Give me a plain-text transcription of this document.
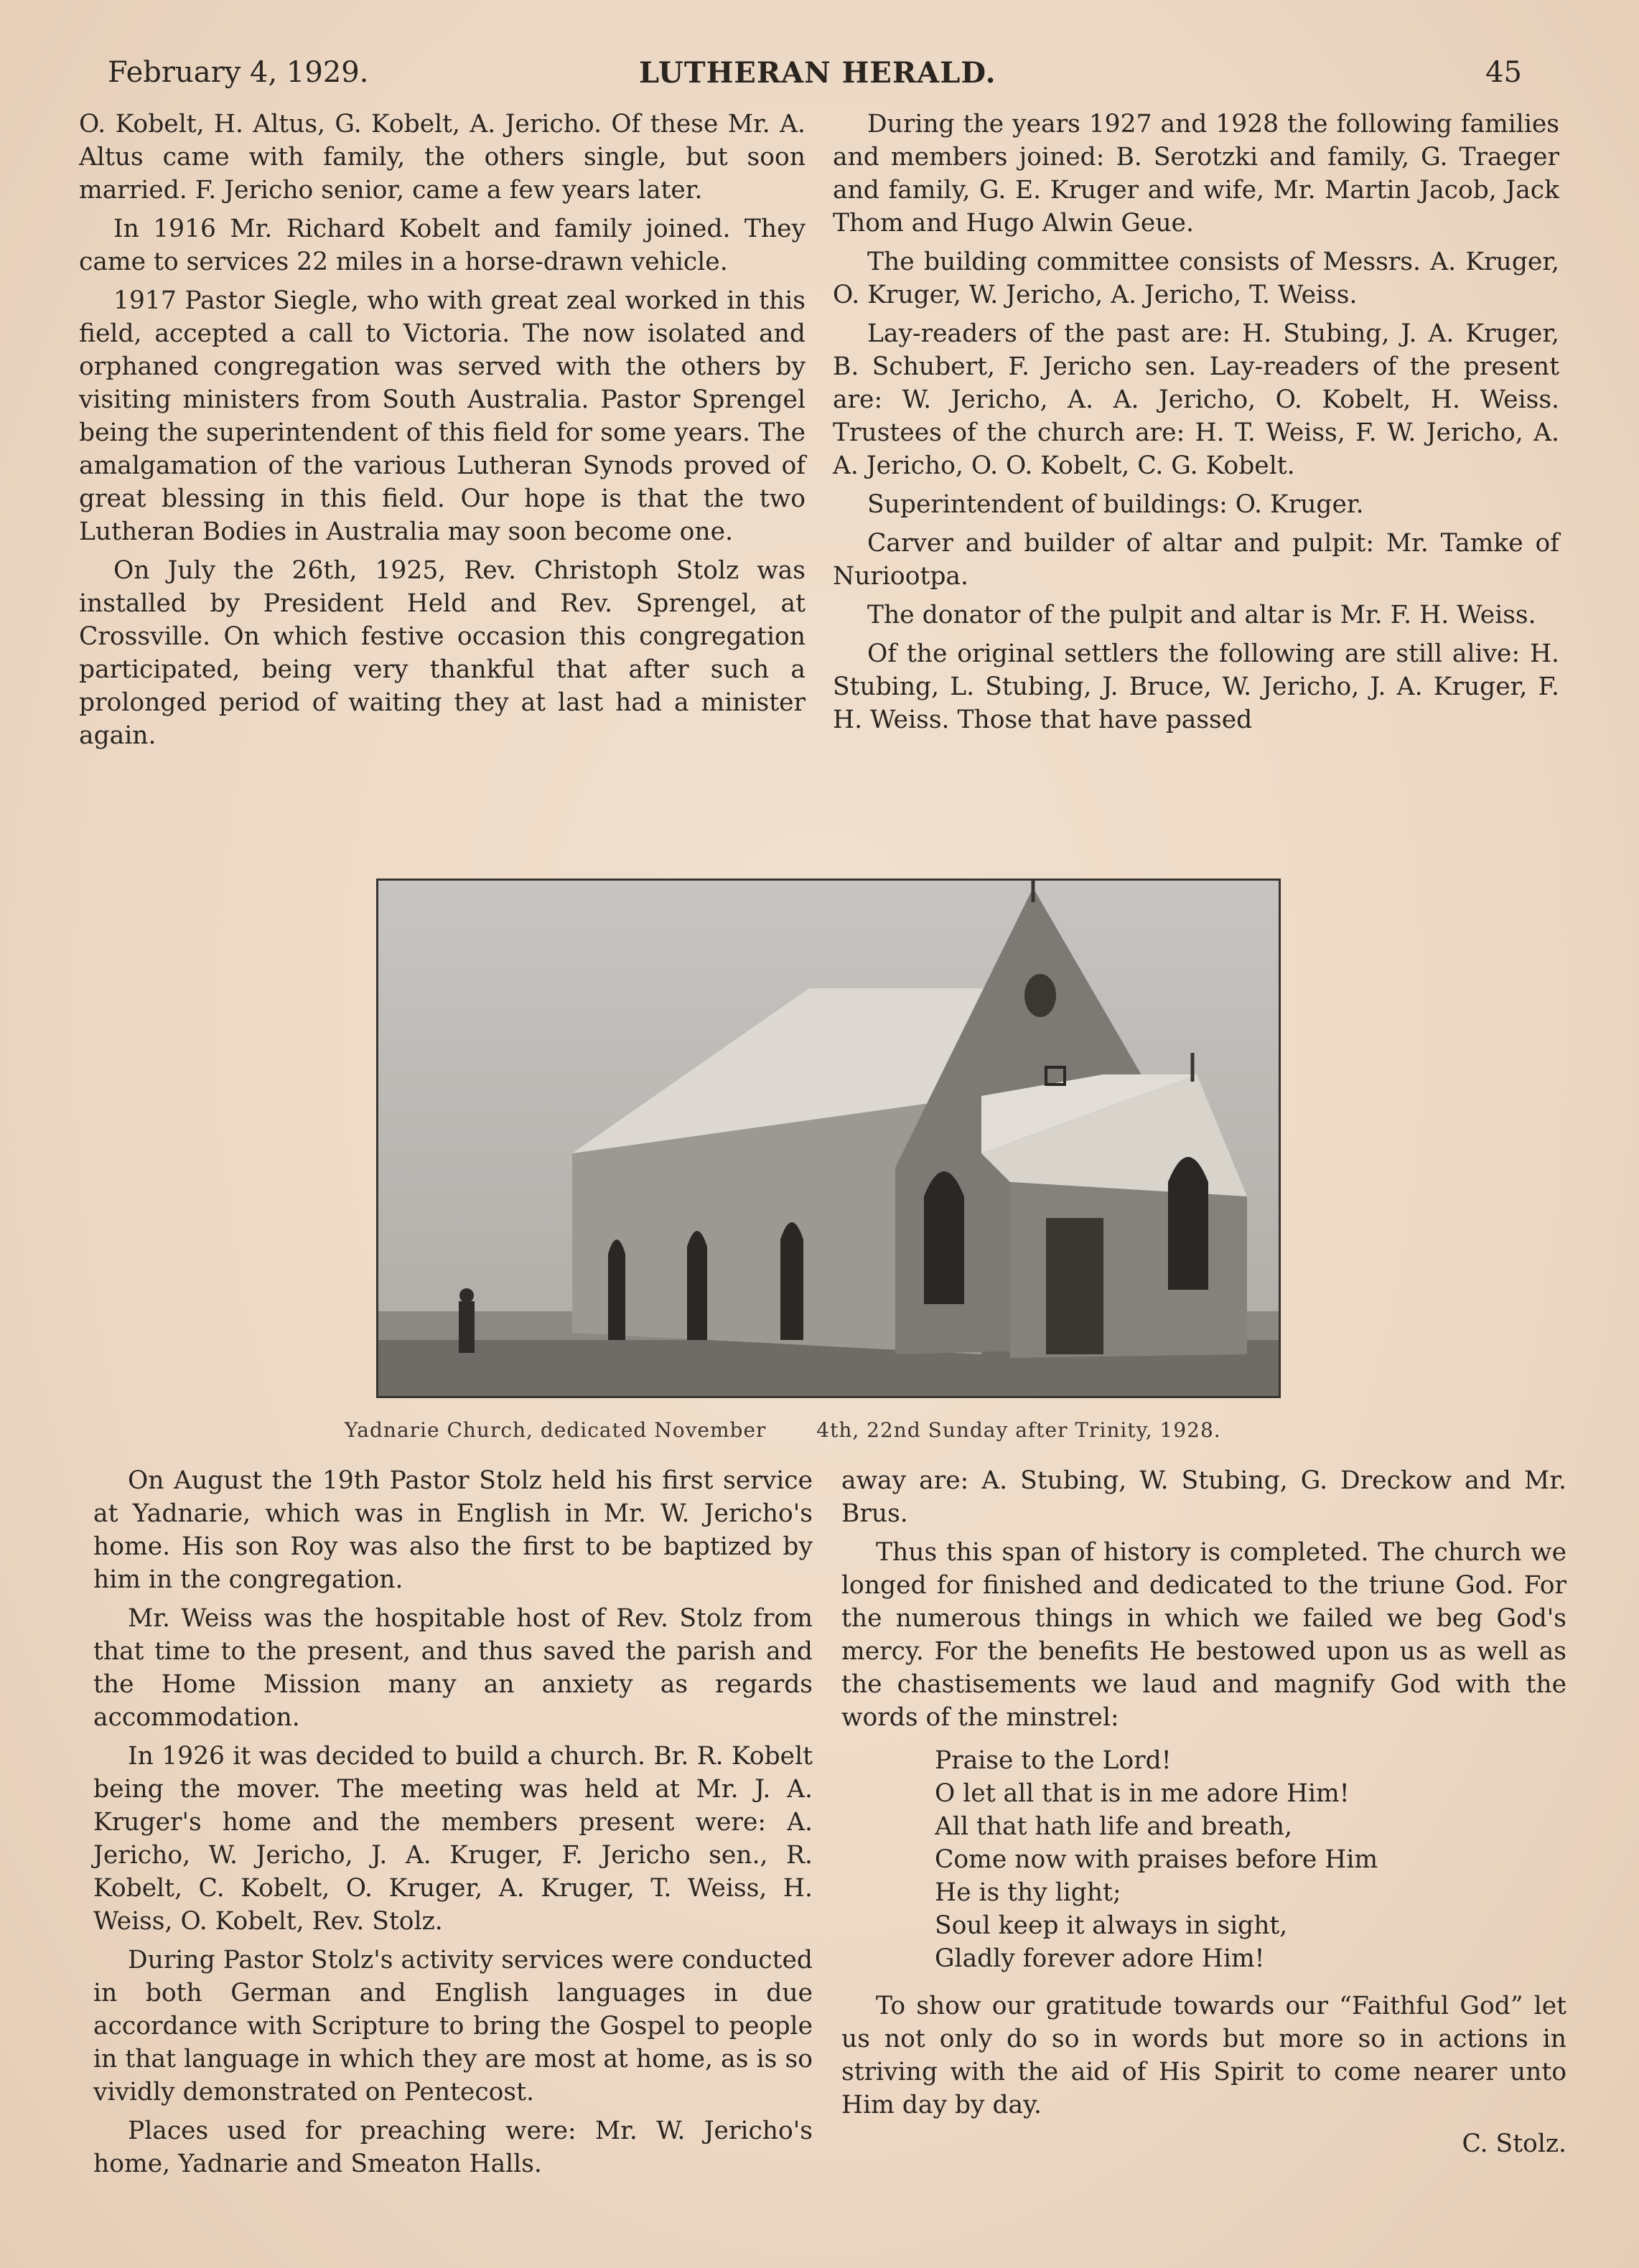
February 4, 1929.	LUTHERAN HERALD.	45

O. Kobelt, H. Altus, G. Kobelt, A. Jericho. Of these Mr. A. Altus came with family, the others single, but soon married. F. Jericho senior, came a few years later.

In 1916 Mr. Richard Kobelt and family joined. They came to services 22 miles in a horse-drawn vehicle.

1917 Pastor Siegle, who with great zeal worked in this field, accepted a call to Victoria. The now isolated and orphaned congregation was served with the others by visiting ministers from South Australia. Pastor Sprengel being the superintendent of this field for some years. The amalgamation of the various Lutheran Synods proved of great blessing in this field. Our hope is that the two Lutheran Bodies in Australia may soon become one.

On July the 26th, 1925, Rev. Christoph Stolz was installed by President Held and Rev. Sprengel, at Crossville. On which festive occasion this congregation participated, being very thankful that after such a prolonged period of waiting they at last had a minister again.

During the years 1927 and 1928 the following families and members joined: B. Serotzki and family, G. Traeger and family, G. E. Kruger and wife, Mr. Martin Jacob, Jack Thom and Hugo Alwin Geue.

The building committee consists of Messrs. A. Kruger, O. Kruger, W. Jericho, A. Jericho, T. Weiss.

Lay-readers of the past are: H. Stubing, J. A. Kruger, B. Schubert, F. Jericho sen. Lay-readers of the present are: W. Jericho, A. A. Jericho, O. Kobelt, H. Weiss. Trustees of the church are: H. T. Weiss, F. W. Jericho, A. A. Jericho, O. O. Kobelt, C. G. Kobelt.

Superintendent of buildings: O. Kruger.

Carver and builder of altar and pulpit: Mr. Tamke of Nuriootpa.

The donator of the pulpit and altar is Mr. F. H. Weiss.

Of the original settlers the following are still alive: H. Stubing, L. Stubing, J. Bruce, W. Jericho, J. A. Kruger, F. H. Weiss. Those that have passed

Yadnarie Church, dedicated November 4th, 22nd Sunday after Trinity, 1928.

On August the 19th Pastor Stolz held his first service at Yadnarie, which was in English in Mr. W. Jericho's home. His son Roy was also the first to be baptized by him in the congregation.

Mr. Weiss was the hospitable host of Rev. Stolz from that time to the present, and thus saved the parish and the Home Mission many an anxiety as regards accommodation.

In 1926 it was decided to build a church. Br. R. Kobelt being the mover. The meeting was held at Mr. J. A. Kruger's home and the members present were: A. Jericho, W. Jericho, J. A. Kruger, F. Jericho sen., R. Kobelt, C. Kobelt, O. Kruger, A. Kruger, T. Weiss, H. Weiss, O. Kobelt, Rev. Stolz.

During Pastor Stolz's activity services were conducted in both German and English languages in due accordance with Scripture to bring the Gospel to people in that language in which they are most at home, as is so vividly demonstrated on Pentecost.

Places used for preaching were: Mr. W. Jericho's home, Yadnarie and Smeaton Halls.

away are: A. Stubing, W. Stubing, G. Dreckow and Mr. Brus.

Thus this span of history is completed. The church we longed for finished and dedicated to the triune God. For the numerous things in which we failed we beg God's mercy. For the benefits He bestowed upon us as well as the chastisements we laud and magnify God with the words of the minstrel:

Praise to the Lord!
O let all that is in me adore Him!
All that hath life and breath,
Come now with praises before Him
He is thy light;
Soul keep it always in sight,
Gladly forever adore Him!

To show our gratitude towards our “Faithful God” let us not only do so in words but more so in actions in striving with the aid of His Spirit to come nearer unto Him day by day.

C. Stolz.
